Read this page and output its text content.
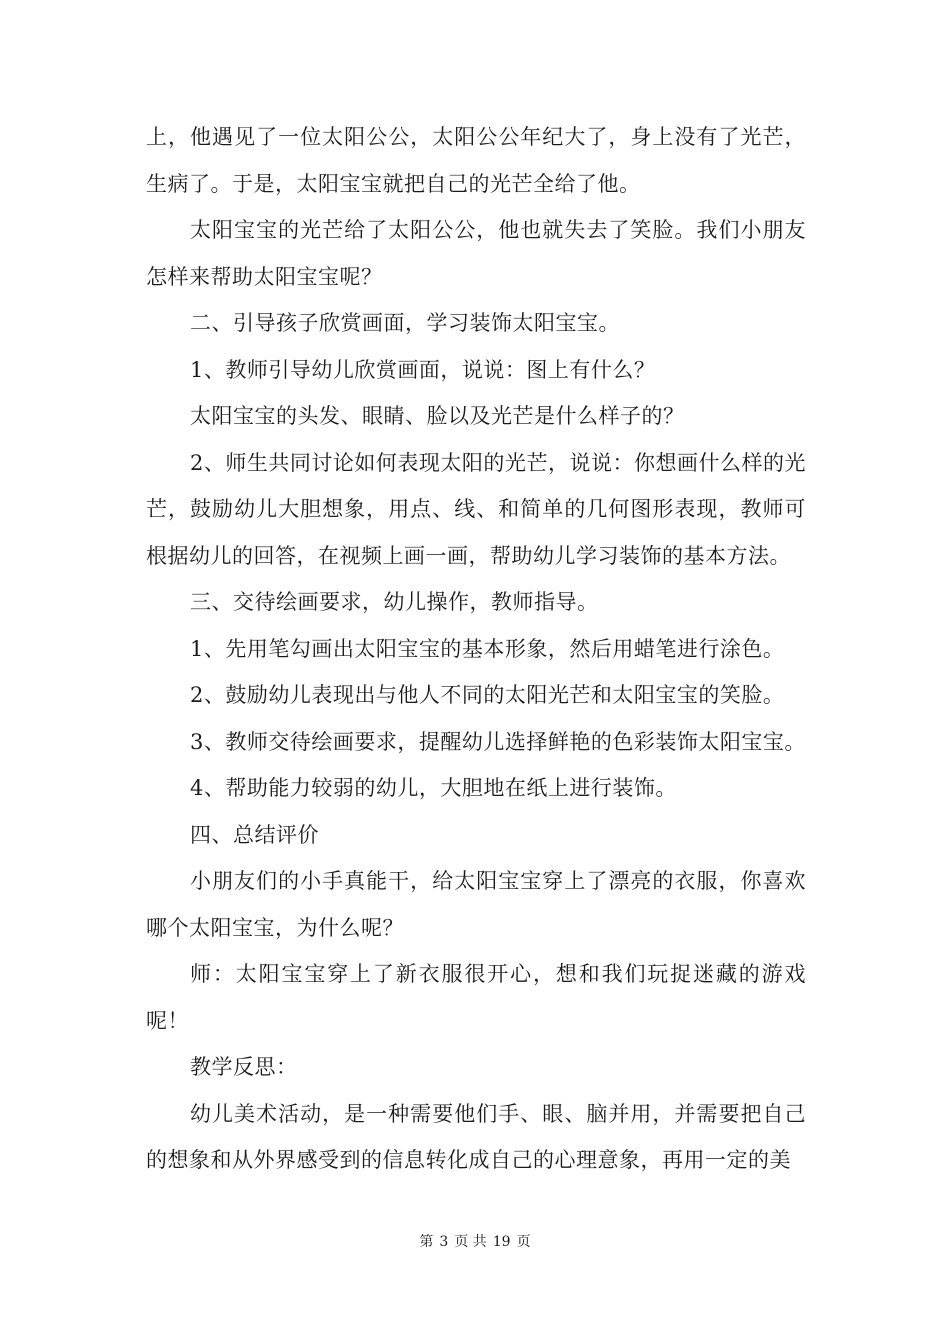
上，他遇见了一位太阳公公，太阳公公年纪大了，身上没有了光芒，生病了。于是，太阳宝宝就把自己的光芒全给了他。

太阳宝宝的光芒给了太阳公公，他也就失去了笑脸。我们小朋友怎样来帮助太阳宝宝呢？

二、引导孩子欣赏画面，学习装饰太阳宝宝。

1、教师引导幼儿欣赏画面，说说：图上有什么？

太阳宝宝的头发、眼睛、脸以及光芒是什么样子的？

2、师生共同讨论如何表现太阳的光芒，说说：你想画什么样的光芒，鼓励幼儿大胆想象，用点、线、和简单的几何图形表现，教师可根据幼儿的回答，在视频上画一画，帮助幼儿学习装饰的基本方法。

三、交待绘画要求，幼儿操作，教师指导。

1、先用笔勾画出太阳宝宝的基本形象，然后用蜡笔进行涂色。

2、鼓励幼儿表现出与他人不同的太阳光芒和太阳宝宝的笑脸。

3、教师交待绘画要求，提醒幼儿选择鲜艳的色彩装饰太阳宝宝。

4、帮助能力较弱的幼儿，大胆地在纸上进行装饰。

四、总结评价

小朋友们的小手真能干，给太阳宝宝穿上了漂亮的衣服，你喜欢哪个太阳宝宝，为什么呢？

师：太阳宝宝穿上了新衣服很开心，想和我们玩捉迷藏的游戏呢！

教学反思：

幼儿美术活动，是一种需要他们手、眼、脑并用，并需要把自己的想象和从外界感受到的信息转化成自己的心理意象，再用一定的美

第 3 页 共 19 页
